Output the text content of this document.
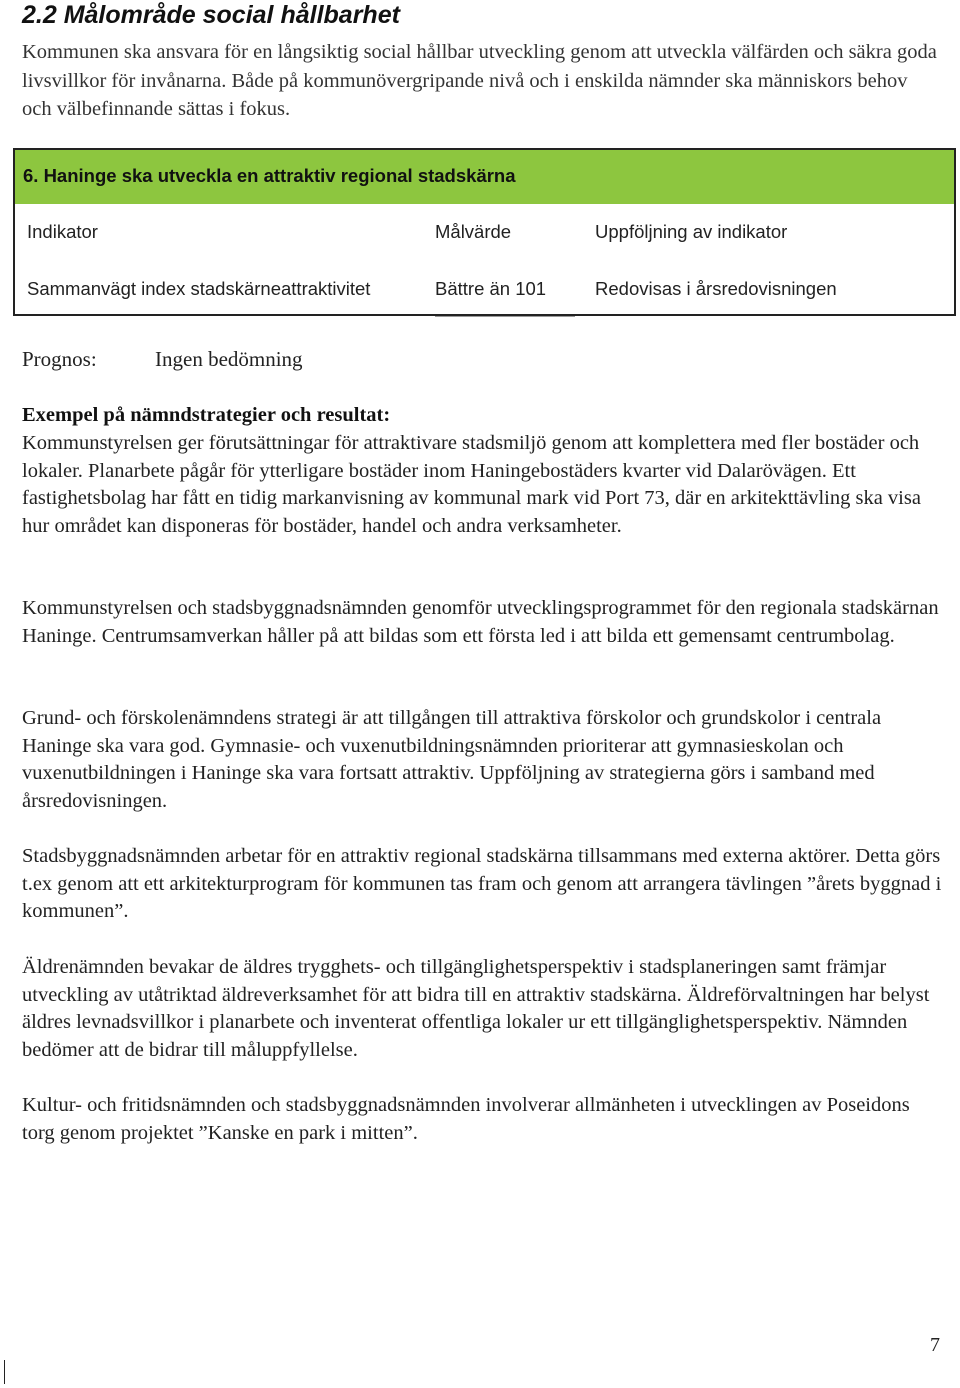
2.2 Målområde social hållbarhet

Kommunen ska ansvara för en långsiktig social hållbar utveckling genom att utveckla välfärden och säkra goda livsvillkor för invånarna. Både på kommunövergripande nivå och i enskilda nämnder ska människors behov och välbefinnande sättas i fokus.

6. Haninge ska utveckla en attraktiv regional stadskärna
Indikator	Målvärde	Uppföljning av indikator
Sammanvägt index stadskärneattraktivitet	Bättre än 101	Redovisas i årsredovisningen
Prognos:	Ingen bedömning

Exempel på nämndstrategier och resultat:

Kommunstyrelsen ger förutsättningar för attraktivare stadsmiljö genom att komplettera med fler bostäder och lokaler. Planarbete pågår för ytterligare bostäder inom Haningebostäders kvarter vid Dalarövägen. Ett fastighetsbolag har fått en tidig markanvisning av kommunal mark vid Port 73, där en arkitekttävling ska visa hur området kan disponeras för bostäder, handel och andra verksamheter.

Kommunstyrelsen och stadsbyggnadsnämnden genomför utvecklingsprogrammet för den regionala stadskärnan Haninge. Centrumsamverkan håller på att bildas som ett första led i att bilda ett gemensamt centrumbolag.

Grund- och förskolenämndens strategi är att tillgången till attraktiva förskolor och grundskolor i centrala Haninge ska vara god. Gymnasie- och vuxenutbildningsnämnden prioriterar att gymnasieskolan och vuxenutbildningen i Haninge ska vara fortsatt attraktiv. Uppföljning av strategierna görs i samband med årsredovisningen.

Stadsbyggnadsnämnden arbetar för en attraktiv regional stadskärna tillsammans med externa aktörer. Detta görs t.ex genom att ett arkitekturprogram för kommunen tas fram och genom att arrangera tävlingen ”årets byggnad i kommunen”.

Äldrenämnden bevakar de äldres trygghets- och tillgänglighetsperspektiv i stadsplaneringen samt främjar utveckling av utåtriktad äldreverksamhet för att bidra till en attraktiv stadskärna. Äldreförvaltningen har belyst äldres levnadsvillkor i planarbete och inventerat offentliga lokaler ur ett tillgänglighetsperspektiv. Nämnden bedömer att de bidrar till måluppfyllelse.

Kultur- och fritidsnämnden och stadsbyggnadsnämnden involverar allmänheten i utvecklingen av Poseidons torg genom projektet ”Kanske en park i mitten”.

7
